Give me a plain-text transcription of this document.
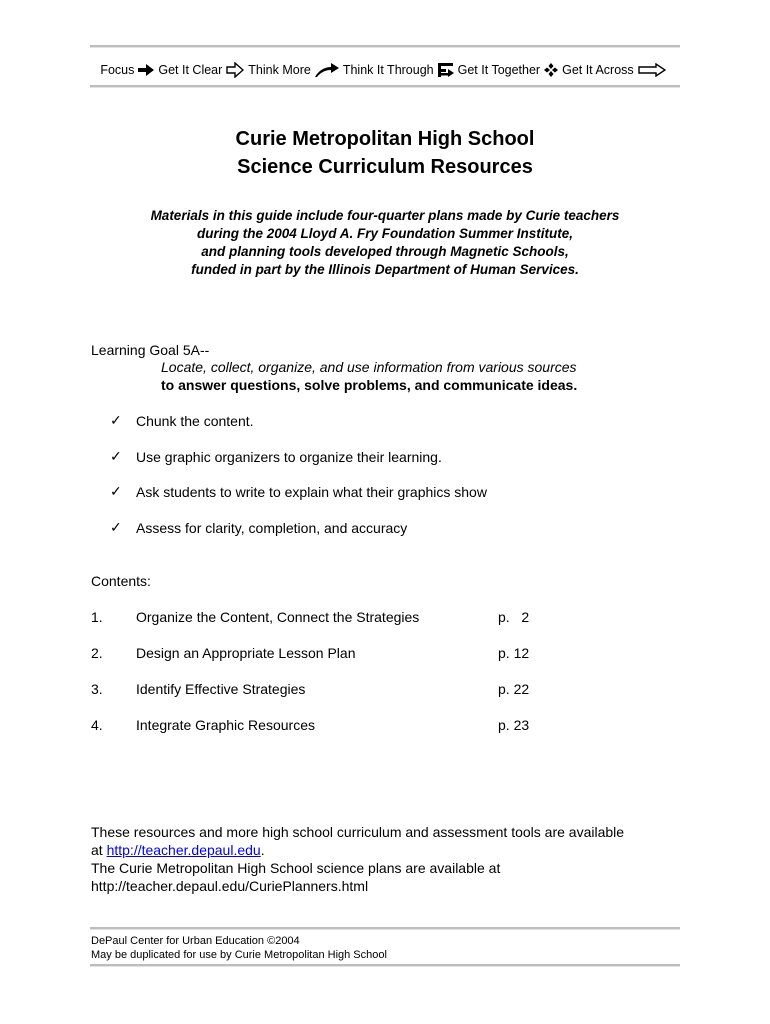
Focus Get It Clear Think More	Think It Through Get It Together Get It Across
Curie Metropolitan High School
Science Curriculum Resources
Materials in this guide include four-quarter plans made by Curie teachers
during the 2004 Lloyd A. Fry Foundation Summer Institute,
and planning tools developed through Magnetic Schools,
funded in part by the Illinois Department of Human Services.
Learning Goal 5A--
Locate, collect, organize, and use information from various sources
to answer questions, solve problems, and communicate ideas.
✓	Chunk the content.
✓	Use graphic organizers to organize their learning.
✓	Ask students to write to explain what their graphics show
✓	Assess for clarity, completion, and accuracy
Contents:
1. Organize the Content, Connect the Strategies	p.   2
2. Design an Appropriate Lesson Plan	p. 12
3. Identify Effective Strategies	p. 22
4. Integrate Graphic Resources	p. 23
These resources and more high school curriculum and assessment tools are available
at http://teacher.depaul.edu.
The Curie Metropolitan High School science plans are available at
http://teacher.depaul.edu/CuriePlanners.html
DePaul Center for Urban Education ©2004
May be duplicated for use by Curie Metropolitan High School
